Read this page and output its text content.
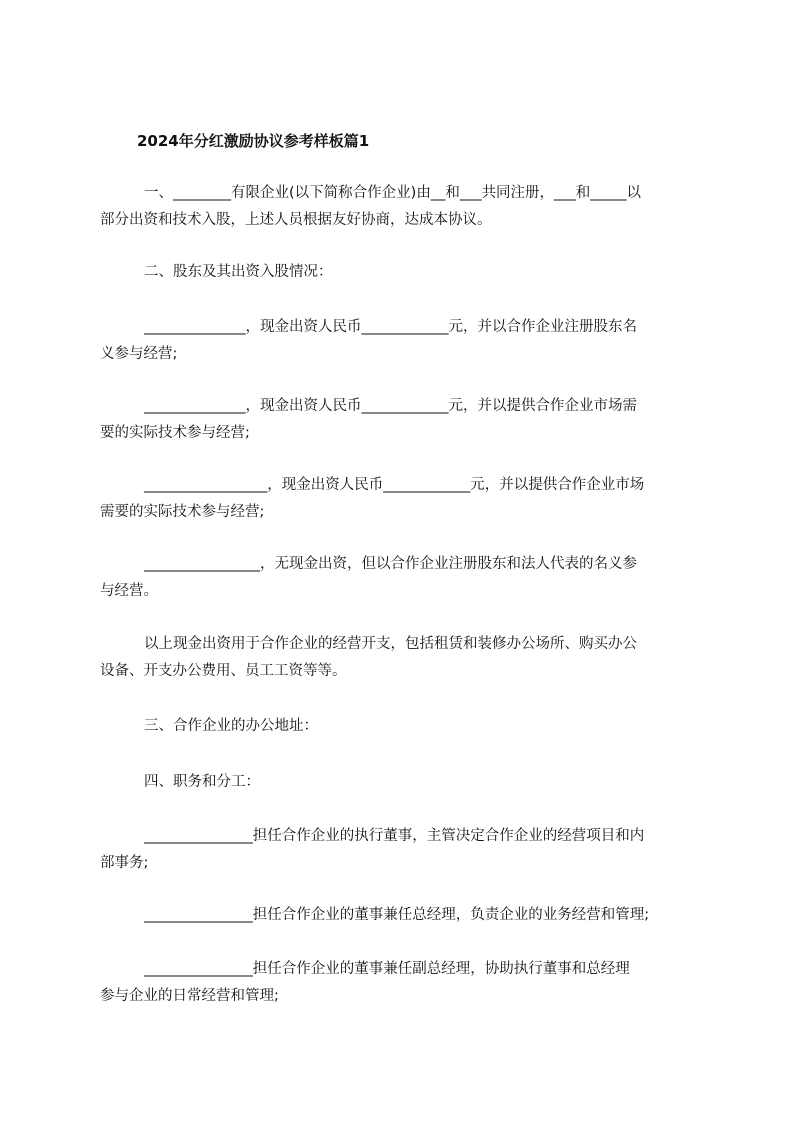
2024年分红激励协议参考样板篇1
一、________有限企业(以下简称合作企业)由__和___共同注册，___和_____以
部分出资和技术入股，上述人员根据友好协商，达成本协议。
二、股东及其出资入股情况：
______________，现金出资人民币____________元，并以合作企业注册股东名
义参与经营;
______________，现金出资人民币____________元，并以提供合作企业市场需
要的实际技术参与经营;
_________________，现金出资人民币____________元，并以提供合作企业市场
需要的实际技术参与经营;
________________，无现金出资，但以合作企业注册股东和法人代表的名义参
与经营。
以上现金出资用于合作企业的经营开支，包括租赁和装修办公场所、购买办公
设备、开支办公费用、员工工资等等。
三、合作企业的办公地址：
四、职务和分工：
_______________担任合作企业的执行董事，主管决定合作企业的经营项目和内
部事务;
_______________担任合作企业的董事兼任总经理，负责企业的业务经营和管理;
_______________担任合作企业的董事兼任副总经理，协助执行董事和总经理
参与企业的日常经营和管理;
